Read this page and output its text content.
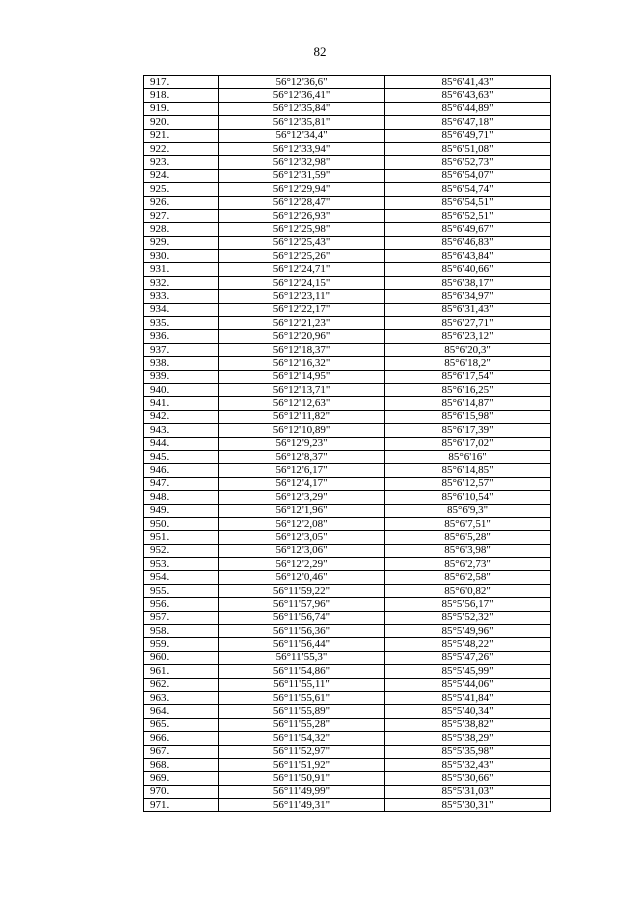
82
917.	56°12'36,6"	85°6'41,43"
918.	56°12'36,41"	85°6'43,63"
919.	56°12'35,84"	85°6'44,89"
920.	56°12'35,81"	85°6'47,18"
921.	56°12'34,4"	85°6'49,71"
922.	56°12'33,94"	85°6'51,08"
923.	56°12'32,98"	85°6'52,73"
924.	56°12'31,59"	85°6'54,07"
925.	56°12'29,94"	85°6'54,74"
926.	56°12'28,47"	85°6'54,51"
927.	56°12'26,93"	85°6'52,51"
928.	56°12'25,98"	85°6'49,67"
929.	56°12'25,43"	85°6'46,83"
930.	56°12'25,26"	85°6'43,84"
931.	56°12'24,71"	85°6'40,66"
932.	56°12'24,15"	85°6'38,17"
933.	56°12'23,11"	85°6'34,97"
934.	56°12'22,17"	85°6'31,43"
935.	56°12'21,23"	85°6'27,71"
936.	56°12'20,96"	85°6'23,12"
937.	56°12'18,37"	85°6'20,3"
938.	56°12'16,32"	85°6'18,2"
939.	56°12'14,95"	85°6'17,54"
940.	56°12'13,71"	85°6'16,25"
941.	56°12'12,63"	85°6'14,87"
942.	56°12'11,82"	85°6'15,98"
943.	56°12'10,89"	85°6'17,39"
944.	56°12'9,23"	85°6'17,02"
945.	56°12'8,37"	85°6'16"
946.	56°12'6,17"	85°6'14,85"
947.	56°12'4,17"	85°6'12,57"
948.	56°12'3,29"	85°6'10,54"
949.	56°12'1,96"	85°6'9,3"
950.	56°12'2,08"	85°6'7,51"
951.	56°12'3,05"	85°6'5,28"
952.	56°12'3,06"	85°6'3,98"
953.	56°12'2,29"	85°6'2,73"
954.	56°12'0,46"	85°6'2,58"
955.	56°11'59,22"	85°6'0,82"
956.	56°11'57,96"	85°5'56,17"
957.	56°11'56,74"	85°5'52,32"
958.	56°11'56,36"	85°5'49,96"
959.	56°11'56,44"	85°5'48,22"
960.	56°11'55,3"	85°5'47,26"
961.	56°11'54,86"	85°5'45,99"
962.	56°11'55,11"	85°5'44,06"
963.	56°11'55,61"	85°5'41,84"
964.	56°11'55,89"	85°5'40,34"
965.	56°11'55,28"	85°5'38,82"
966.	56°11'54,32"	85°5'38,29"
967.	56°11'52,97"	85°5'35,98"
968.	56°11'51,92"	85°5'32,43"
969.	56°11'50,91"	85°5'30,66"
970.	56°11'49,99"	85°5'31,03"
971.	56°11'49,31"	85°5'30,31"
